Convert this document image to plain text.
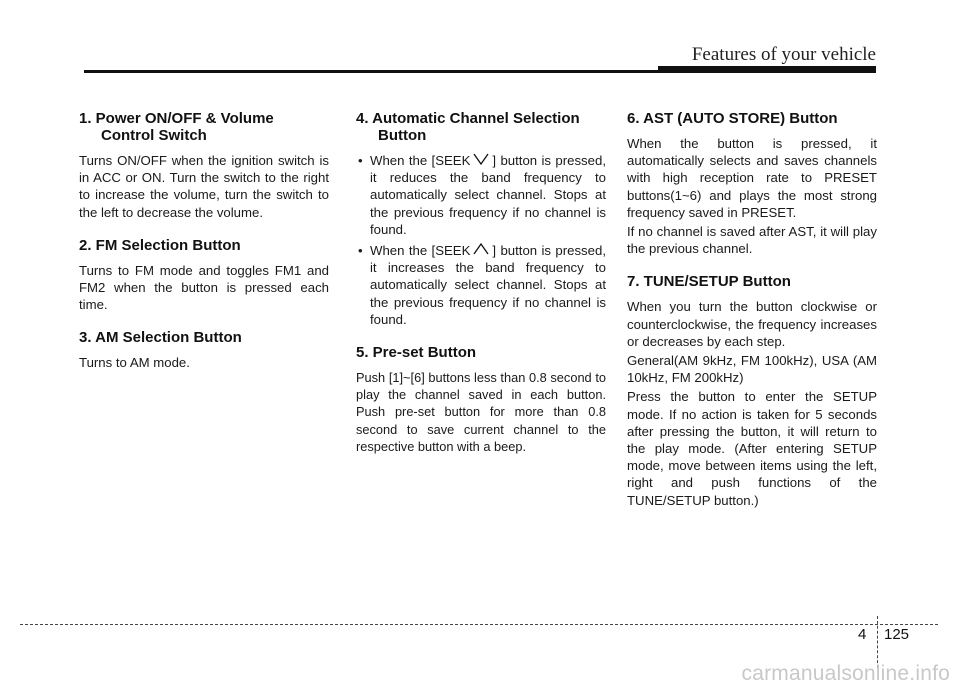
Features of your vehicle
1. Power ON/OFF & Volume Control Switch

Turns ON/OFF when the ignition switch is in ACC or ON. Turn the switch to the right to increase the volume, turn the switch to the left to decrease the volume.

2. FM Selection Button

Turns to FM mode and toggles FM1 and FM2 when the button is pressed each time.

3. AM Selection Button

Turns to AM mode.

4. Automatic Channel Selection Button
• When the [SEEK ] button is pressed, it reduces the band frequency to automatically select channel. Stops at the previous frequency if no channel is found.
• When the [SEEK ] button is pressed, it increases the band frequency to automatically select channel. Stops at the previous frequency if no channel is found.
5. Pre-set Button

Push [1]~[6] buttons less than 0.8 second to play the channel saved in each button. Push pre-set button for more than 0.8 second to save current channel to the respective button with a beep.

6. AST (AUTO STORE) Button

When the button is pressed, it automatically selects and saves channels with high reception rate to PRESET buttons(1~6) and plays the most strong frequency saved in PRESET.

If no channel is saved after AST, it will play the previous channel.

7. TUNE/SETUP Button

When you turn the button clockwise or counterclockwise, the frequency increases or decreases by each step.

General(AM 9kHz, FM 100kHz), USA (AM 10kHz, FM 200kHz)

Press the button to enter the SETUP mode. If no action is taken for 5 seconds after pressing the button, it will return to the play mode. (After entering SETUP mode, move between items using the left, right and push functions of the TUNE/SETUP button.)

4 125
carmanualsonline.info
